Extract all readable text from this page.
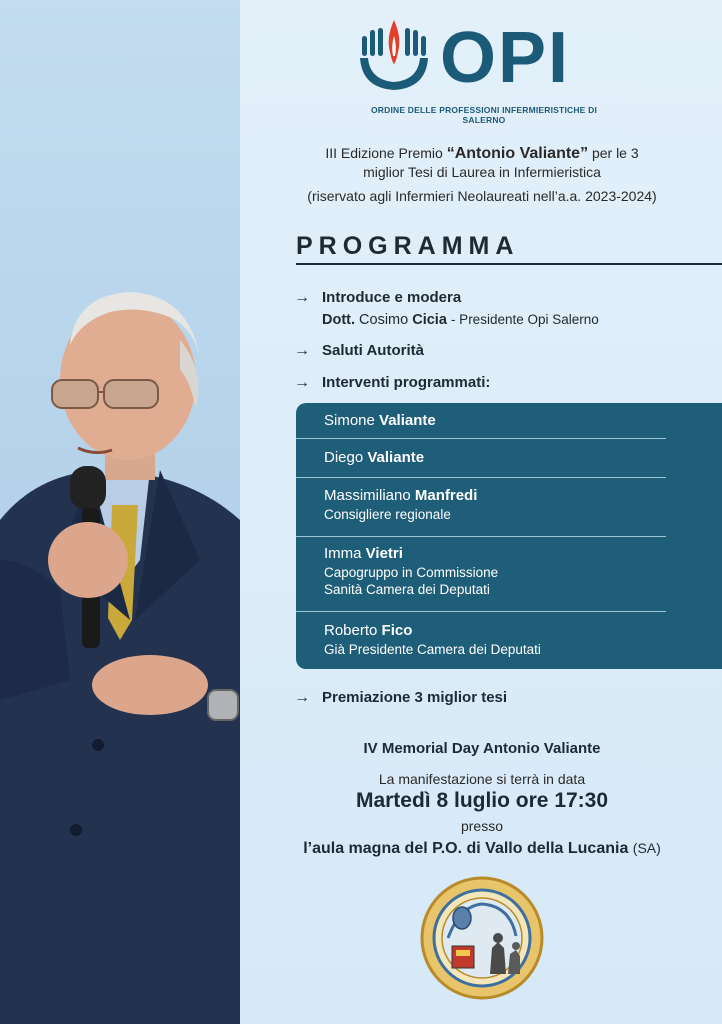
OPI
ORDINE DELLE PROFESSIONI INFERMIERISTICHE DI SALERNO
III Edizione Premio “Antonio Valiante” per le 3
miglior Tesi di Laurea in Infermieristica
(riservato agli Infermieri Neolaureati nell’a.a. 2023-2024)
PROGRAMMA
→ Introduce e modera
Dott. Cosimo Cicia - Presidente Opi Salerno
→ Saluti Autorità
→ Interventi programmati:
Simone Valiante
Diego Valiante
Massimiliano Manfredi
Consigliere regionale
Imma Vietri
Capogruppo in Commissione
Sanità Camera dei Deputati
Roberto Fico
Già Presidente Camera dei Deputati
→ Premiazione 3 miglior tesi
IV Memorial Day Antonio Valiante
La manifestazione si terrà in data
Martedì 8 luglio ore 17:30
presso
l’aula magna del P.O. di Vallo della Lucania (SA)
